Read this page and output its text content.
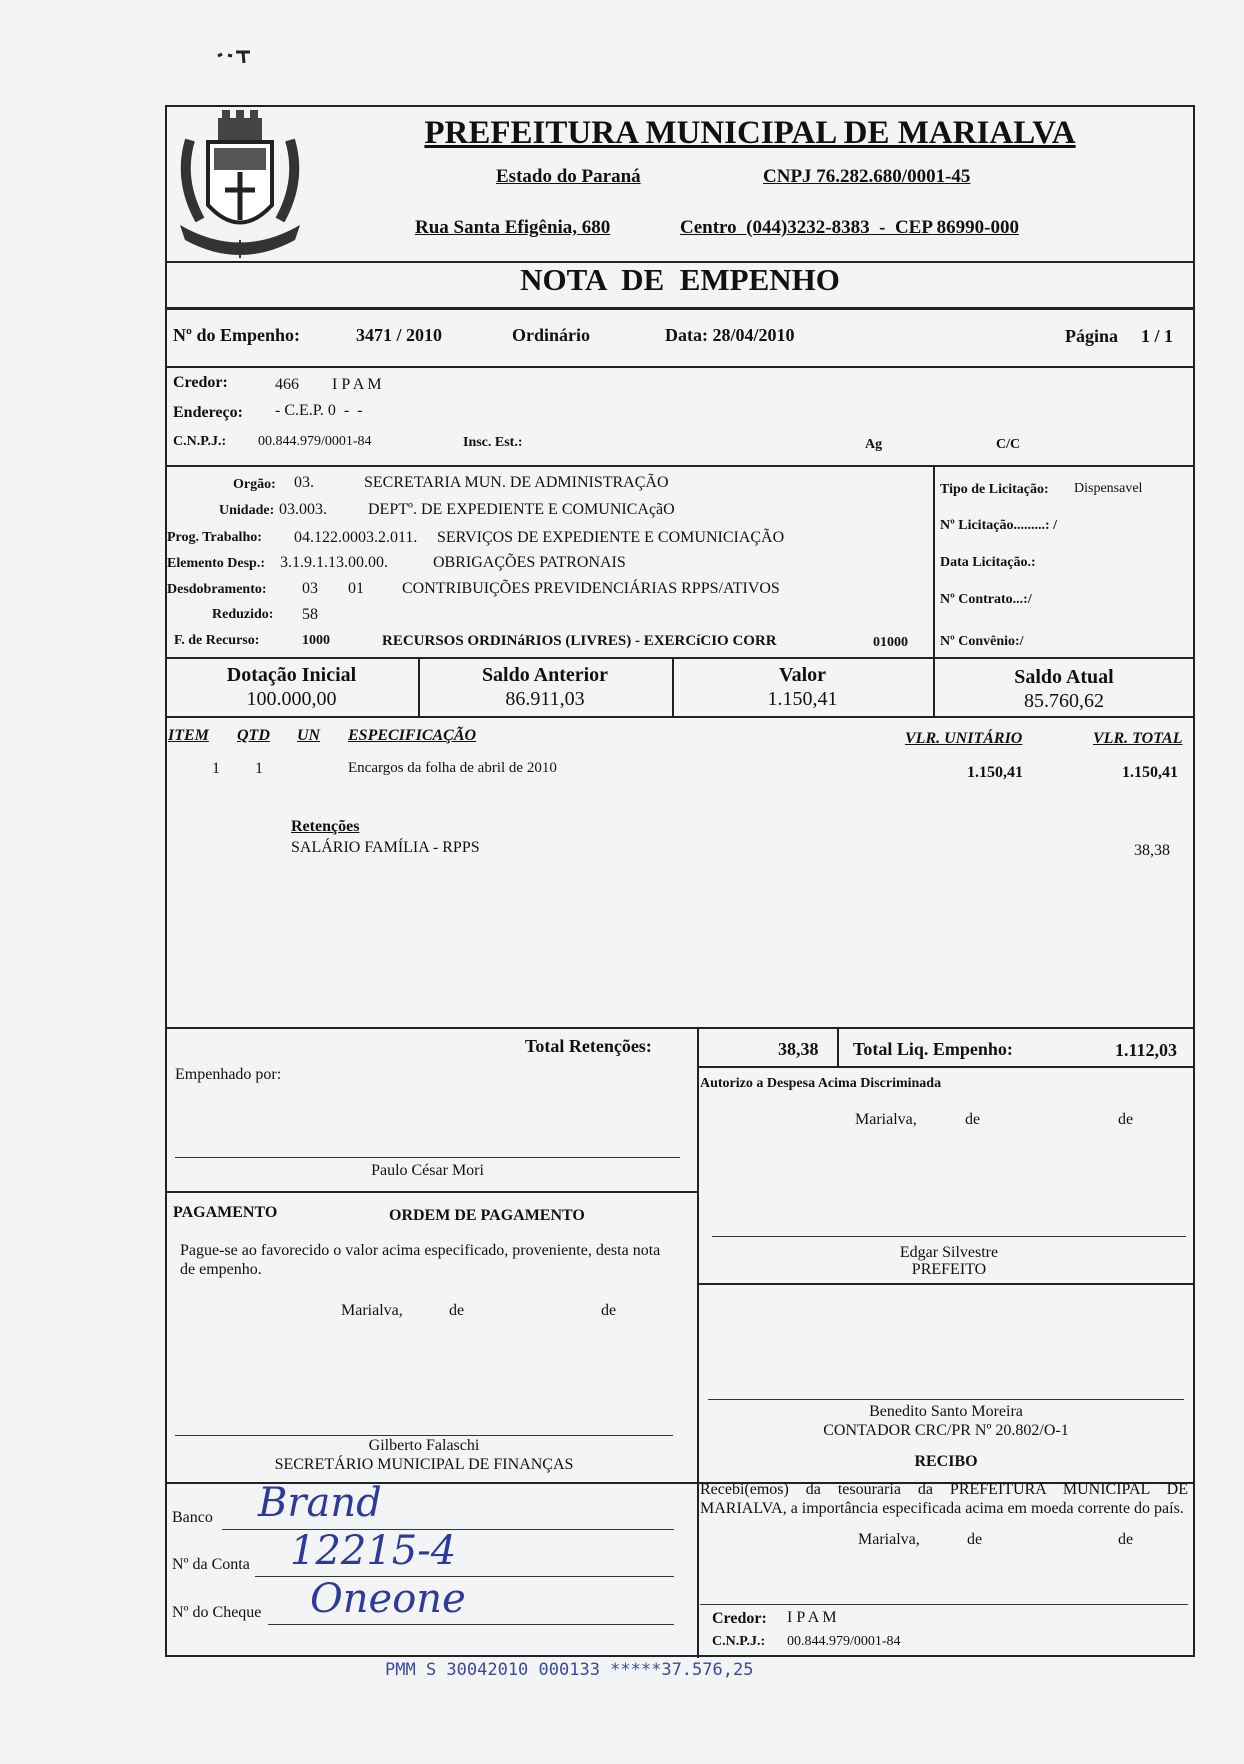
PREFEITURA MUNICIPAL DE MARIALVA
Estado do Paraná	CNPJ 76.282.680/0001-45
Rua Santa Efigênia, 680	Centro  (044)3232-8383  -  CEP 86990-000
NOTA  DE  EMPENHO
Nº do Empenho:	3471 / 2010	Ordinário	Data: 28/04/2010	Página 1 / 1
Credor:	466 I P A M
Endereço: - C.E.P. 0  -  -
C.N.P.J.: 00.844.979/0001-84	Insc. Est.:	Ag	C/C
Orgão: 03.	SECRETARIA MUN. DE ADMINISTRAÇÃO
Unidade: 03.003.	DEPTº. DE EXPEDIENTE E COMUNICAçãO
Prog. Trabalho: 04.122.0003.2.011. SERVIÇOS DE EXPEDIENTE E COMUNICIAÇÃO
Elemento Desp.: 3.1.9.1.13.00.00.	OBRIGAÇÕES PATRONAIS
Desdobramento: 03 01 CONTRIBUIÇÕES PREVIDENCIÁRIAS RPPS/ATIVOS
Reduzido: 58
F. de Recurso:	1000	RECURSOS ORDINáRIOS (LIVRES) - EXERCíCIO CORR	01000
Tipo de Licitação: Dispensavel
Nº Licitação.........: /
Data Licitação.:
Nº Contrato...:/
Nº Convênio:/
Dotação Inicial
100.000,00
Saldo Anterior
86.911,03
Valor
1.150,41
Saldo Atual
85.760,62
ITEM QTD UN ESPECIFICAÇÃO	VLR. UNITÁRIO	VLR. TOTAL
1 1	Encargos da folha de abril de 2010	1.150,41	1.150,41
Retenções
SALÁRIO FAMÍLIA - RPPS	38,38
Total Retenções:	38,38 Total Liq. Empenho:	1.112,03
Empenhado por:
Paulo César Mori
Autorizo a Despesa Acima Discriminada
Marialva,	de	de
Edgar Silvestre
PREFEITO
PAGAMENTO	ORDEM DE PAGAMENTO
Pague-se ao favorecido o valor acima especificado, proveniente, desta nota de empenho.
Marialva,	de	de
Gilberto Falaschi
SECRETÁRIO MUNICIPAL DE FINANÇAS
Benedito Santo Moreira
CONTADOR CRC/PR Nº 20.802/O-1
RECIBO
Recebi(emos) da tesouraria da PREFEITURA MUNICIPAL DE MARIALVA, a importância especificada acima em moeda corrente do país.
Marialva,	de	de
Credor: I P A M
C.N.P.J.: 00.844.979/0001-84
Banco Brand
Nº da Conta 12215-4
Nº do Cheque Oneone
PMM S 30042010 000133 *****37.576,25
